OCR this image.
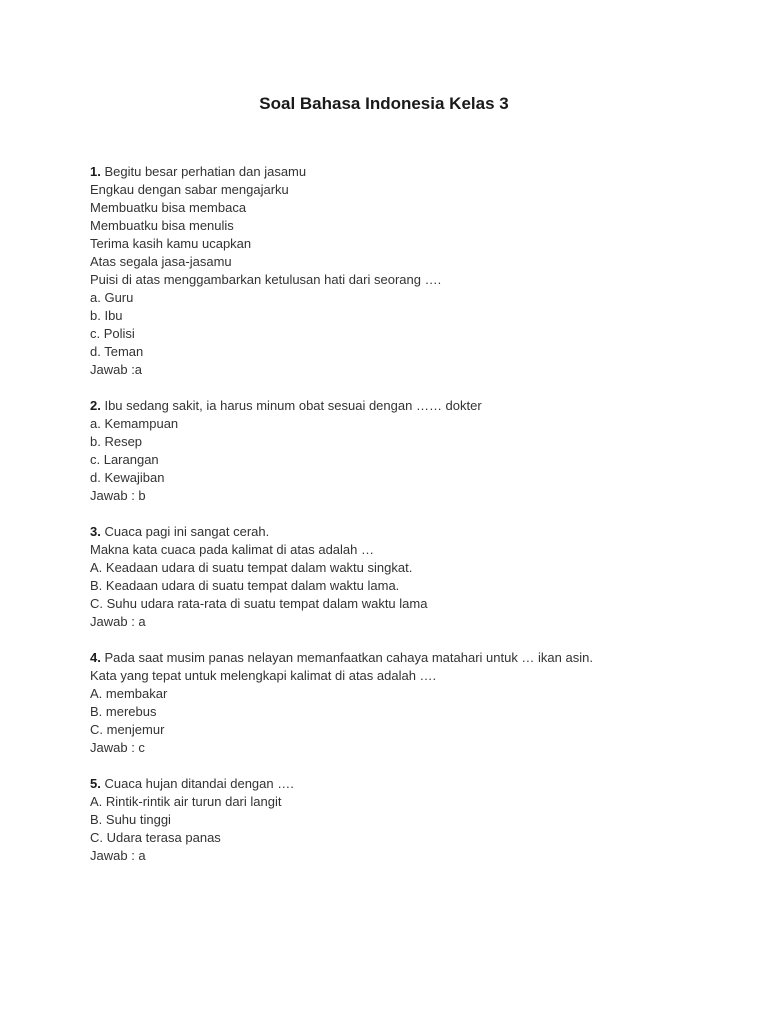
Soal Bahasa Indonesia Kelas 3
1. Begitu besar perhatian dan jasamu
Engkau dengan sabar mengajarku
Membuatku bisa membaca
Membuatku bisa menulis
Terima kasih kamu ucapkan
Atas segala jasa-jasamu
Puisi di atas menggambarkan ketulusan hati dari seorang ….
a. Guru
b. Ibu
c. Polisi
d. Teman
Jawab :a
2. Ibu sedang sakit, ia harus minum obat sesuai dengan …… dokter
a. Kemampuan
b. Resep
c. Larangan
d. Kewajiban
Jawab : b
3. Cuaca pagi ini sangat cerah.
Makna kata cuaca pada kalimat di atas adalah …
A. Keadaan udara di suatu tempat dalam waktu singkat.
B. Keadaan udara di suatu tempat dalam waktu lama.
C. Suhu udara rata-rata di suatu tempat dalam waktu lama
Jawab : a
4. Pada saat musim panas nelayan memanfaatkan cahaya matahari untuk … ikan asin.
Kata yang tepat untuk melengkapi kalimat di atas adalah ….
A. membakar
B. merebus
C. menjemur
Jawab : c
5. Cuaca hujan ditandai dengan ….
A. Rintik-rintik air turun dari langit
B. Suhu tinggi
C. Udara terasa panas
Jawab : a
